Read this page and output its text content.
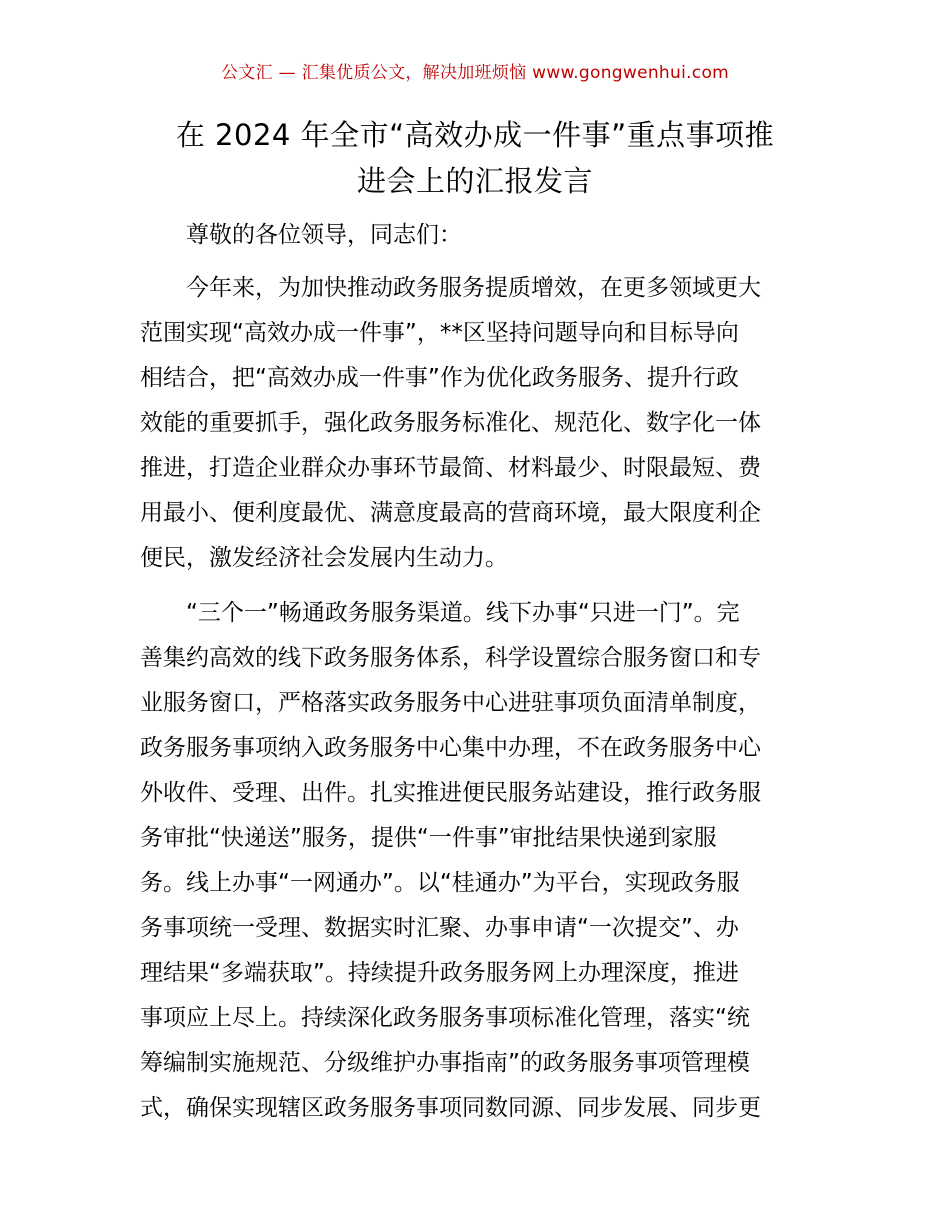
公文汇 — 汇集优质公文，解决加班烦恼 www.gongwenhui.com
在 2024 年全市“高效办成一件事”重点事项推
进会上的汇报发言

尊敬的各位领导，同志们：

今年来，为加快推动政务服务提质增效，在更多领域更大
范围实现“高效办成一件事”，**区坚持问题导向和目标导向
相结合，把“高效办成一件事”作为优化政务服务、提升行政
效能的重要抓手，强化政务服务标准化、规范化、数字化一体
推进，打造企业群众办事环节最简、材料最少、时限最短、费
用最小、便利度最优、满意度最高的营商环境，最大限度利企
便民，激发经济社会发展内生动力。

“三个一”畅通政务服务渠道。线下办事“只进一门”。完
善集约高效的线下政务服务体系，科学设置综合服务窗口和专
业服务窗口，严格落实政务服务中心进驻事项负面清单制度，
政务服务事项纳入政务服务中心集中办理，不在政务服务中心
外收件、受理、出件。扎实推进便民服务站建设，推行政务服
务审批“快递送”服务，提供“一件事”审批结果快递到家服
务。线上办事“一网通办”。以“桂通办”为平台，实现政务服
务事项统一受理、数据实时汇聚、办事申请“一次提交”、办
理结果“多端获取”。持续提升政务服务网上办理深度，推进
事项应上尽上。持续深化政务服务事项标准化管理，落实“统
筹编制实施规范、分级维护办事指南”的政务服务事项管理模
式，确保实现辖区政务服务事项同数同源、同步发展、同步更
